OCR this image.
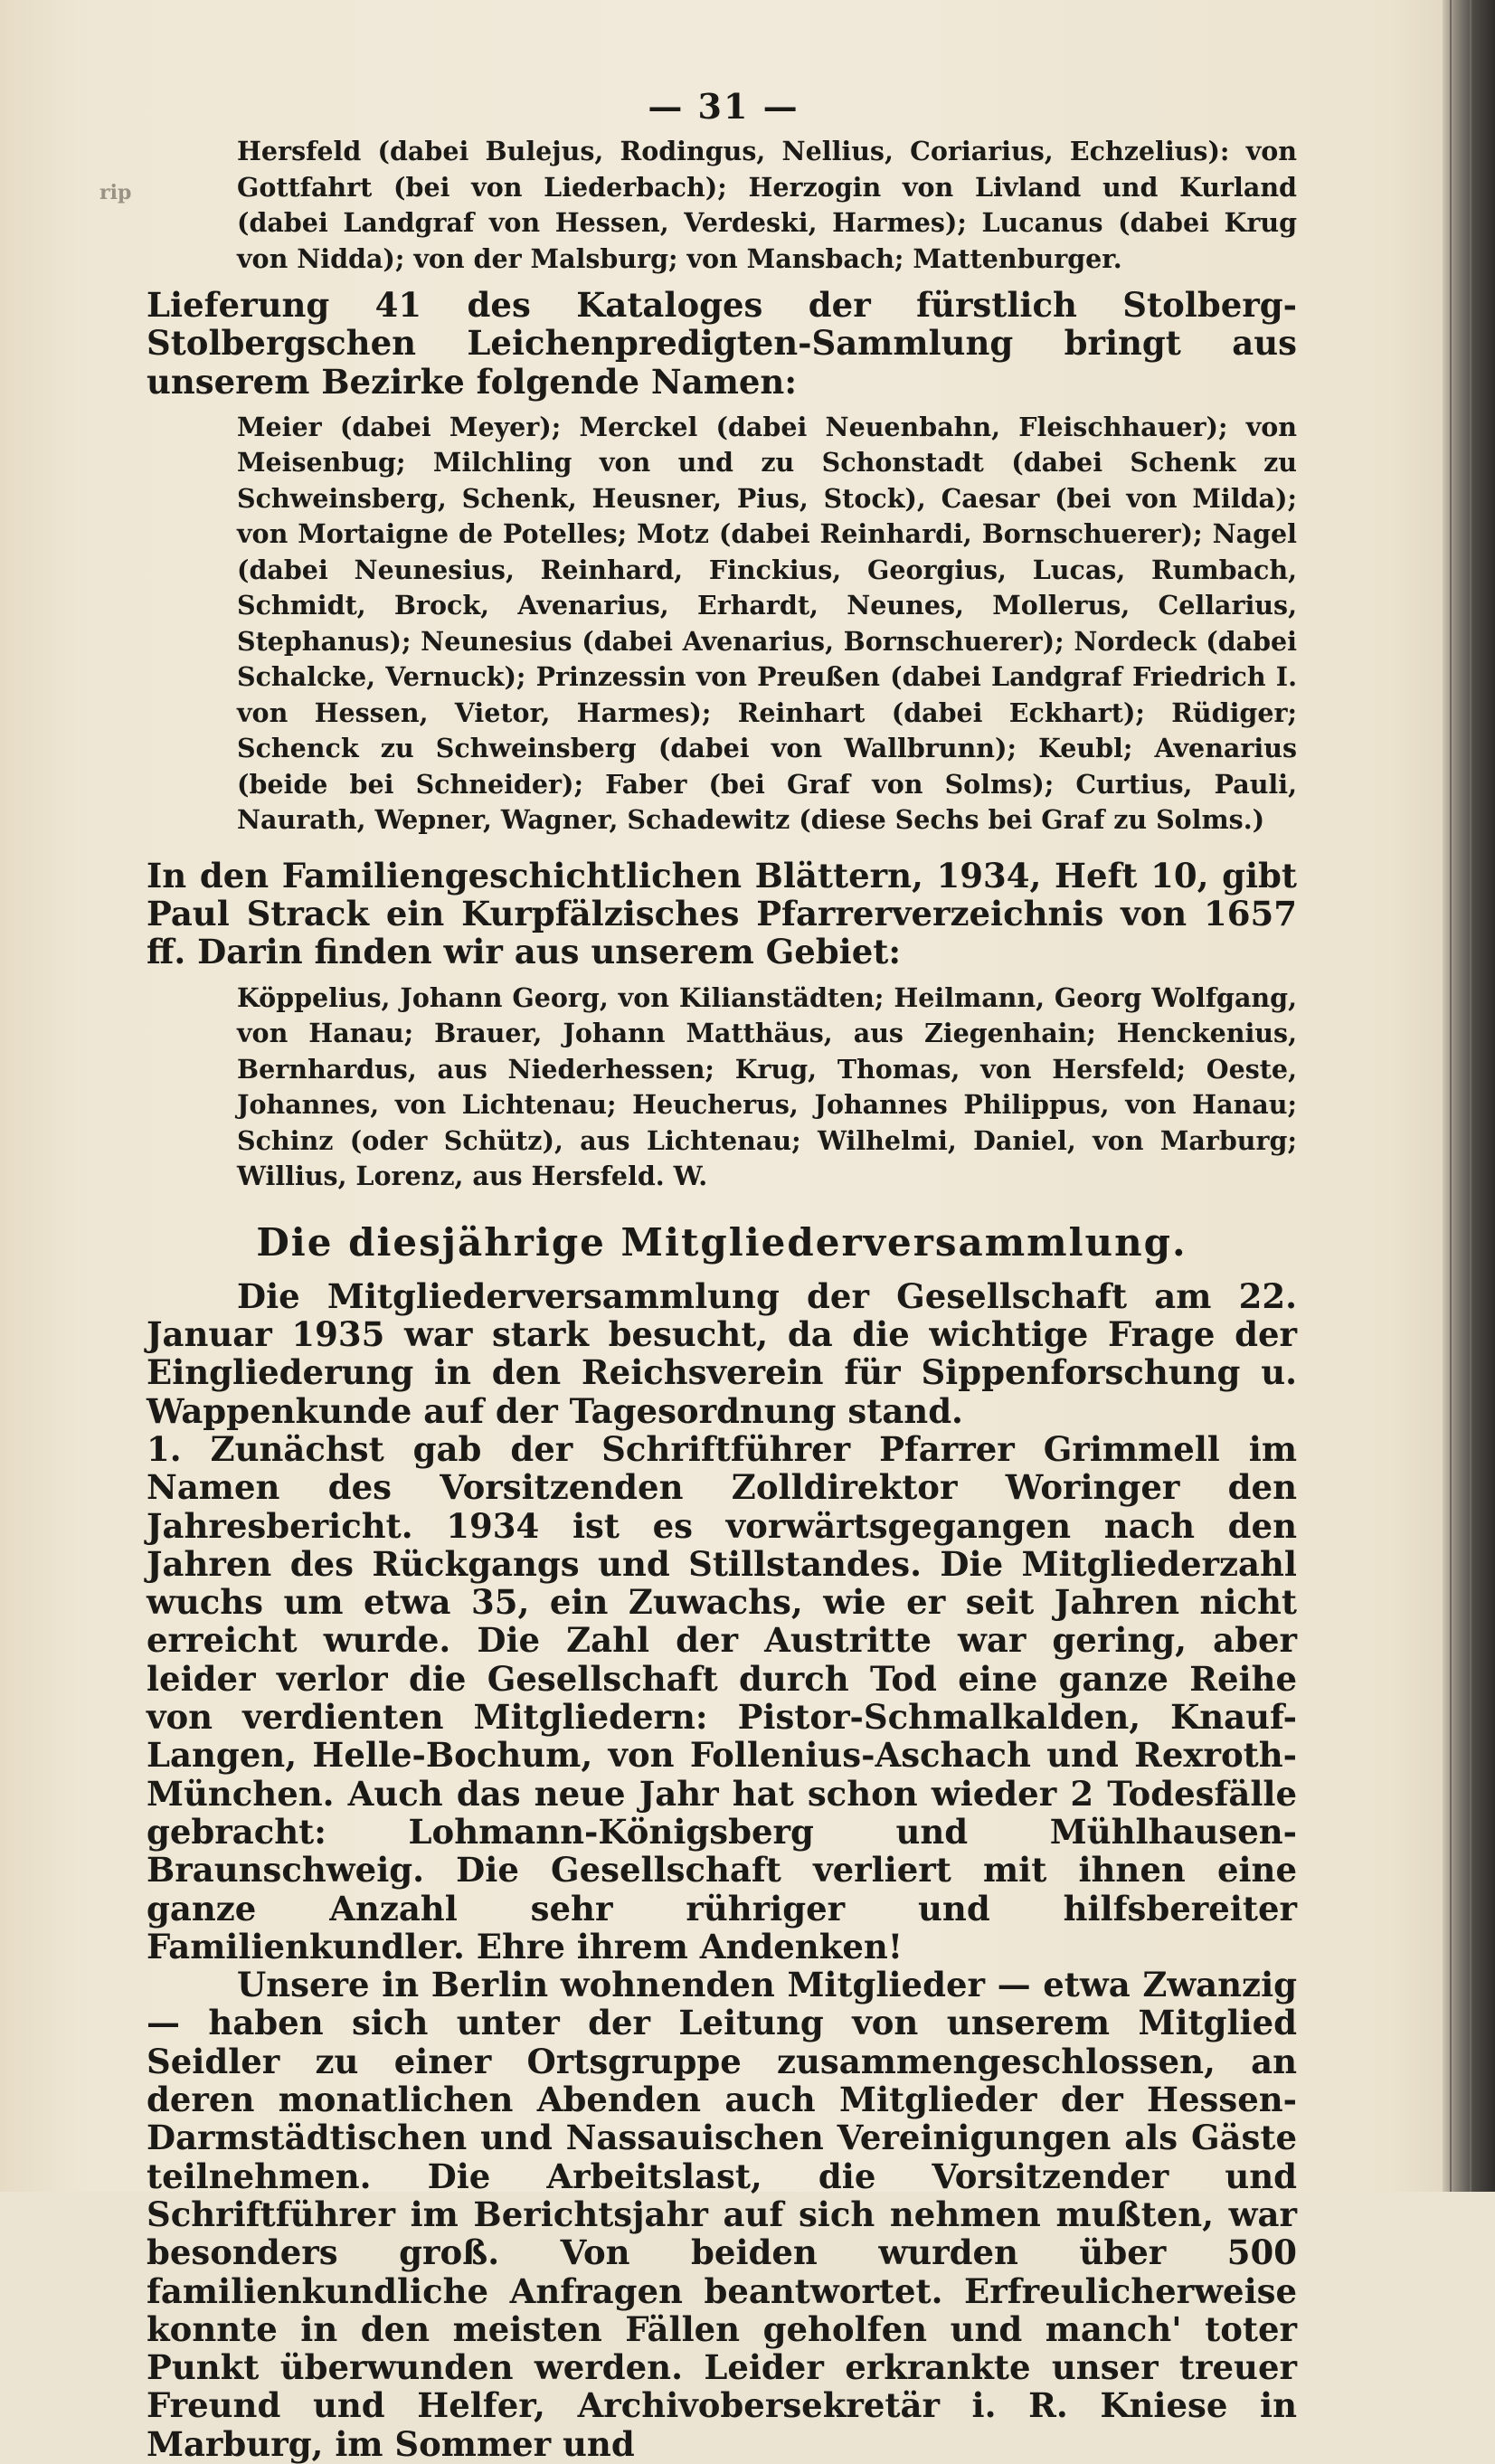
rip
— 31 —

Hersfeld (dabei Bulejus, Rodingus, Nellius, Coriarius, Echzelius): von Gottfahrt (bei von Liederbach); Herzogin von Livland und Kurland (dabei Landgraf von Hessen, Verdeski, Harmes); Lucanus (dabei Krug von Nidda); von der Malsburg; von Mansbach; Mattenburger.

Lieferung 41 des Kataloges der fürstlich Stolberg-Stolbergschen Leichenpredigten-Sammlung bringt aus unserem Bezirke folgende Namen:

Meier (dabei Meyer); Merckel (dabei Neuenbahn, Fleischhauer); von Meisenbug; Milchling von und zu Schonstadt (dabei Schenk zu Schweinsberg, Schenk, Heusner, Pius, Stock), Caesar (bei von Milda); von Mortaigne de Potelles; Motz (dabei Reinhardi, Bornschuerer); Nagel (dabei Neunesius, Reinhard, Finckius, Georgius, Lucas, Rumbach, Schmidt, Brock, Avenarius, Erhardt, Neunes, Mollerus, Cellarius, Stephanus); Neunesius (dabei Avenarius, Bornschuerer); Nordeck (dabei Schalcke, Vernuck); Prinzessin von Preußen (dabei Landgraf Friedrich I. von Hessen, Vietor, Harmes); Reinhart (dabei Eckhart); Rüdiger; Schenck zu Schweinsberg (dabei von Wallbrunn); Keubl; Avenarius (beide bei Schneider); Faber (bei Graf von Solms); Curtius, Pauli, Naurath, Wepner, Wagner, Schadewitz (diese Sechs bei Graf zu Solms.)

In den Familiengeschichtlichen Blättern, 1934, Heft 10, gibt Paul Strack ein Kurpfälzisches Pfarrerverzeichnis von 1657 ff. Darin finden wir aus unserem Gebiet:

Köppelius, Johann Georg, von Kilianstädten; Heilmann, Georg Wolfgang, von Hanau; Brauer, Johann Matthäus, aus Ziegenhain; Henckenius, Bernhardus, aus Niederhessen; Krug, Thomas, von Hersfeld; Oeste, Johannes, von Lichtenau; Heucherus, Johannes Philippus, von Hanau; Schinz (oder Schütz), aus Lichtenau; Wilhelmi, Daniel, von Marburg; Willius, Lorenz, aus Hersfeld. W.

Die diesjährige Mitgliederversammlung.

Die Mitgliederversammlung der Gesellschaft am 22. Januar 1935 war stark besucht, da die wichtige Frage der Eingliederung in den Reichsverein für Sippenforschung u. Wappenkunde auf der Tagesordnung stand.

1. Zunächst gab der Schriftführer Pfarrer Grimmell im Namen des Vorsitzenden Zolldirektor Woringer den Jahresbericht. 1934 ist es vorwärtsgegangen nach den Jahren des Rückgangs und Stillstandes. Die Mitgliederzahl wuchs um etwa 35, ein Zuwachs, wie er seit Jahren nicht erreicht wurde. Die Zahl der Austritte war gering, aber leider verlor die Gesellschaft durch Tod eine ganze Reihe von verdienten Mitgliedern: Pistor-Schmalkalden, Knauf-Langen, Helle-Bochum, von Follenius-Aschach und Rexroth-München. Auch das neue Jahr hat schon wieder 2 Todesfälle gebracht: Lohmann-Königsberg und Mühlhausen-Braunschweig. Die Gesellschaft verliert mit ihnen eine ganze Anzahl sehr rühriger und hilfsbereiter Familienkundler. Ehre ihrem Andenken!

Unsere in Berlin wohnenden Mitglieder — etwa Zwanzig — haben sich unter der Leitung von unserem Mitglied Seidler zu einer Ortsgruppe zusammengeschlossen, an deren monatlichen Abenden auch Mitglieder der Hessen-Darmstädtischen und Nassauischen Vereinigungen als Gäste teilnehmen. Die Arbeitslast, die Vorsitzender und Schriftführer im Berichtsjahr auf sich nehmen mußten, war besonders groß. Von beiden wurden über 500 familienkundliche Anfragen beantwortet. Erfreulicherweise konnte in den meisten Fällen geholfen und manch' toter Punkt überwunden werden. Leider erkrankte unser treuer Freund und Helfer, Archivobersekretär i. R. Kniese in Marburg, im Sommer und
